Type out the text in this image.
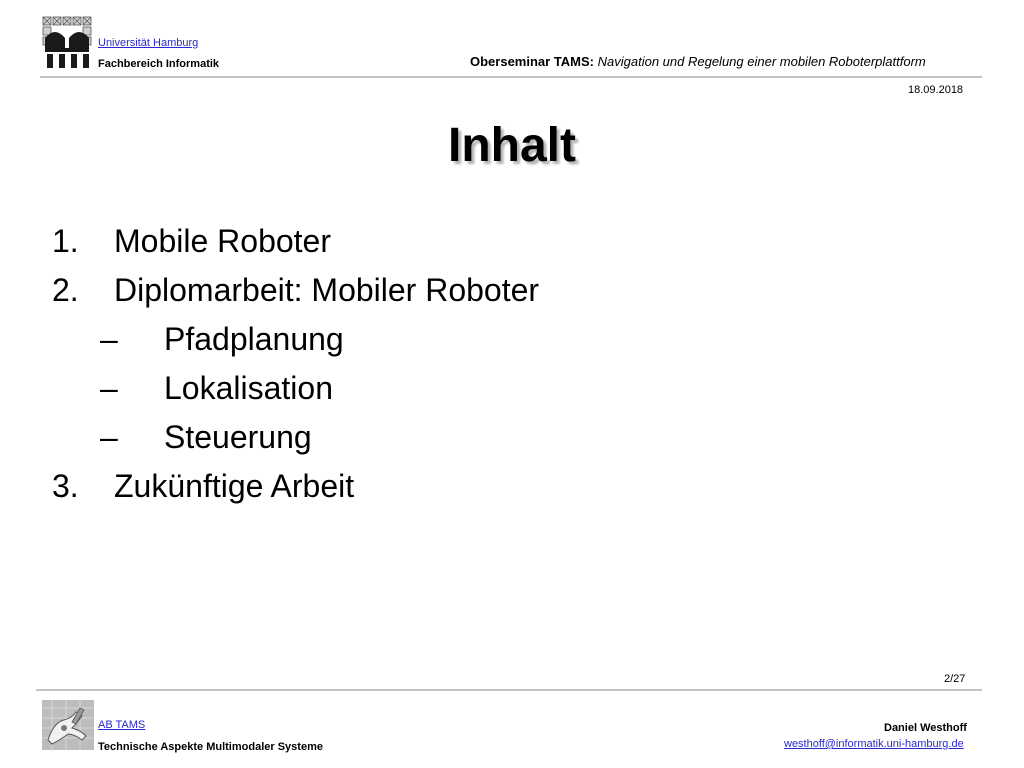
Universität Hamburg
Fachbereich Informatik	Oberseminar TAMS: Navigation und Regelung einer mobilen Roboterplattform
18.09.2018
Inhalt
1. Mobile Roboter
2. Diplomarbeit: Mobiler Roboter
– Pfadplanung
– Lokalisation
– Steuerung
3. Zukünftige Arbeit
2/27
AB TAMS
Technische Aspekte Multimodaler Systeme
Daniel Westhoff
westhoff@informatik.uni-hamburg.de
